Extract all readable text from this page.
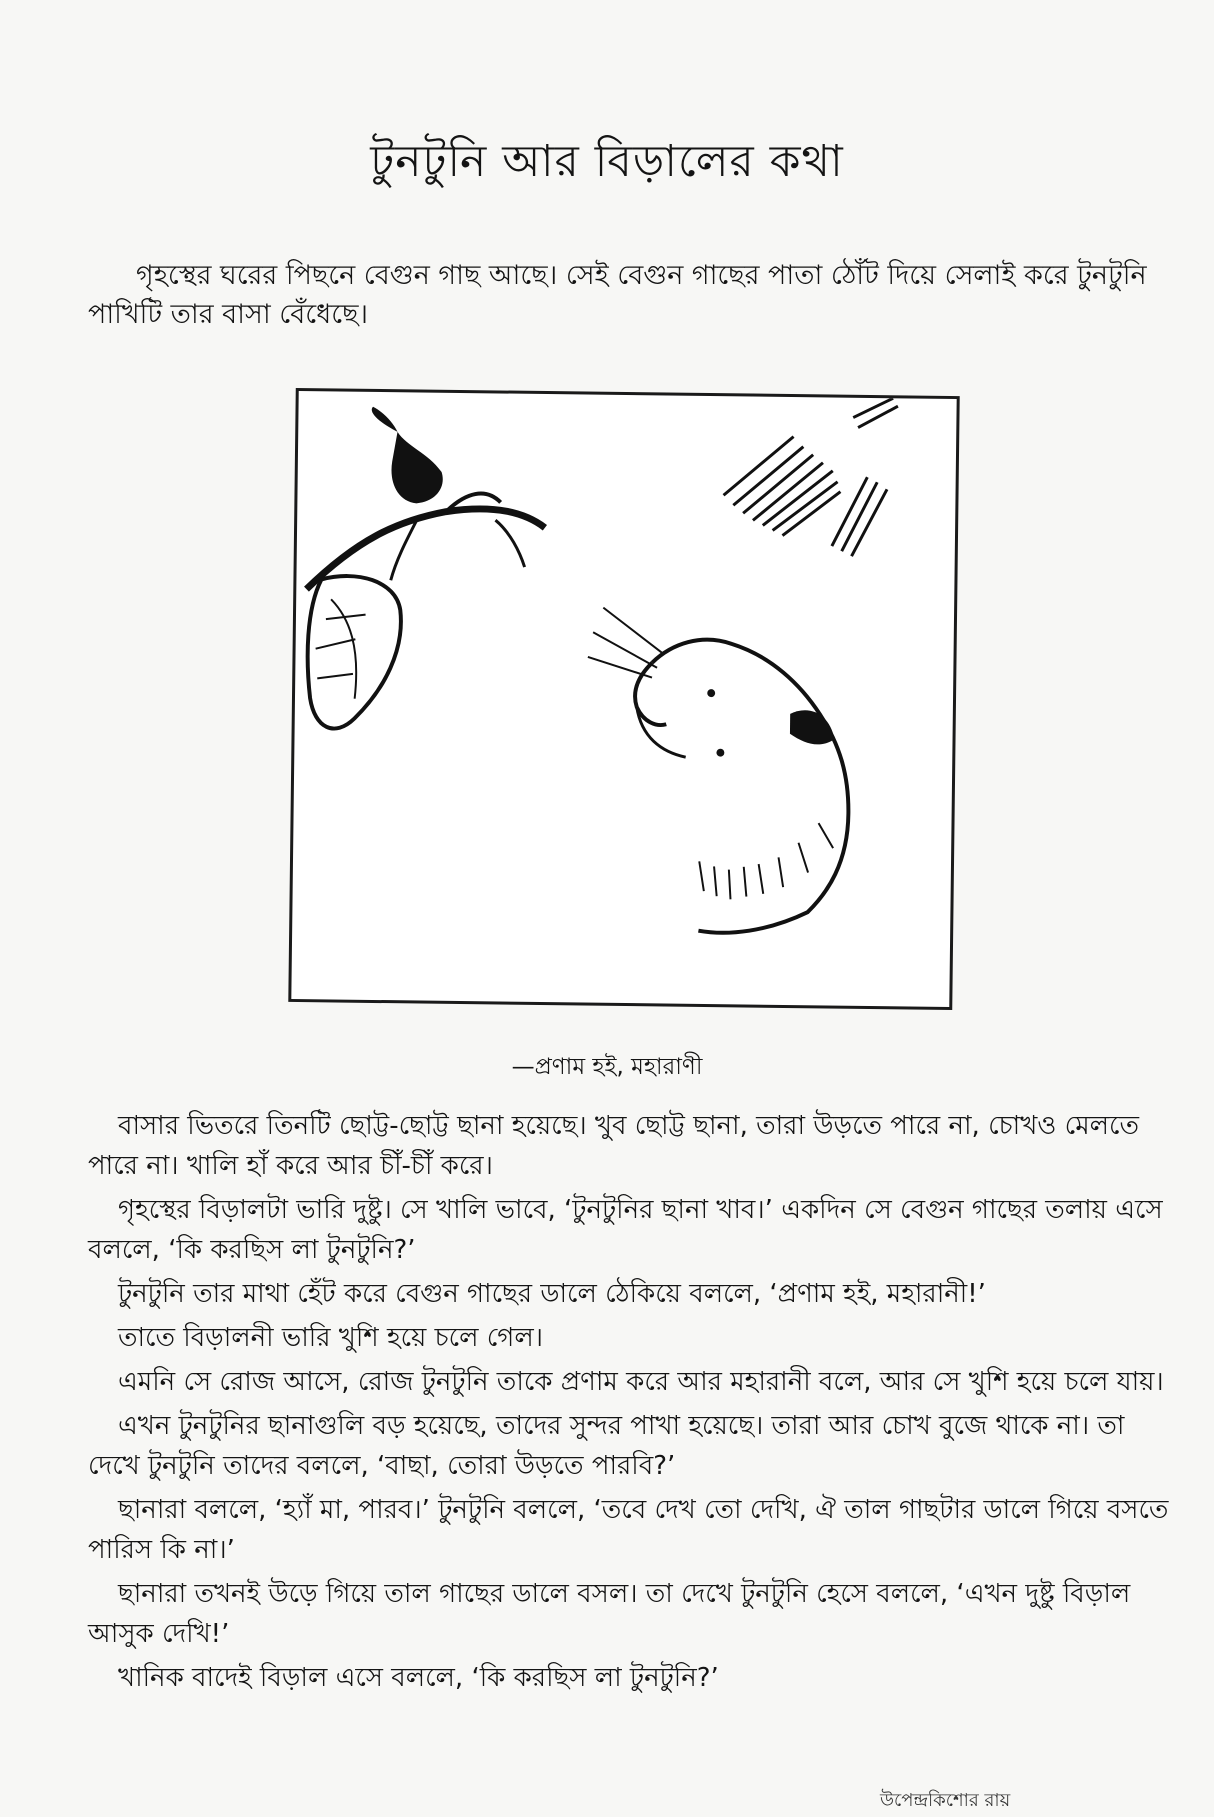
টুনটুনি আর বিড়ালের কথা

গৃহস্থের ঘরের পিছনে বেগুন গাছ আছে। সেই বেগুন গাছের পাতা ঠোঁট দিয়ে সেলাই করে টুনটুনি পাখিটি তার বাসা বেঁধেছে।

—প্রণাম হই, মহারাণী

বাসার ভিতরে তিনটি ছোট্ট-ছোট্ট ছানা হয়েছে। খুব ছোট্ট ছানা, তারা উড়তে পারে না, চোখও মেলতে পারে না। খালি হাঁ করে আর চীঁ-চীঁ করে।

গৃহস্থের বিড়ালটা ভারি দুষ্টু। সে খালি ভাবে, ‘টুনটুনির ছানা খাব।’ একদিন সে বেগুন গাছের তলায় এসে বললে, ‘কি করছিস লা টুনটুনি?’

টুনটুনি তার মাথা হেঁট করে বেগুন গাছের ডালে ঠেকিয়ে বললে, ‘প্রণাম হই, মহারানী!’

তাতে বিড়ালনী ভারি খুশি হয়ে চলে গেল।

এমনি সে রোজ আসে, রোজ টুনটুনি তাকে প্রণাম করে আর মহারানী বলে, আর সে খুশি হয়ে চলে যায়।

এখন টুনটুনির ছানাগুলি বড় হয়েছে, তাদের সুন্দর পাখা হয়েছে। তারা আর চোখ বুজে থাকে না। তা দেখে টুনটুনি তাদের বললে, ‘বাছা, তোরা উড়তে পারবি?’

ছানারা বললে, ‘হ্যাঁ মা, পারব।’ টুনটুনি বললে, ‘তবে দেখ তো দেখি, ঐ তাল গাছটার ডালে গিয়ে বসতে পারিস কি না।’

ছানারা তখনই উড়ে গিয়ে তাল গাছের ডালে বসল। তা দেখে টুনটুনি হেসে বললে, ‘এখন দুষ্টু বিড়াল আসুক দেখি!’

খানিক বাদেই বিড়াল এসে বললে, ‘কি করছিস লা টুনটুনি?’

উপেন্দ্রকিশোর রায়
